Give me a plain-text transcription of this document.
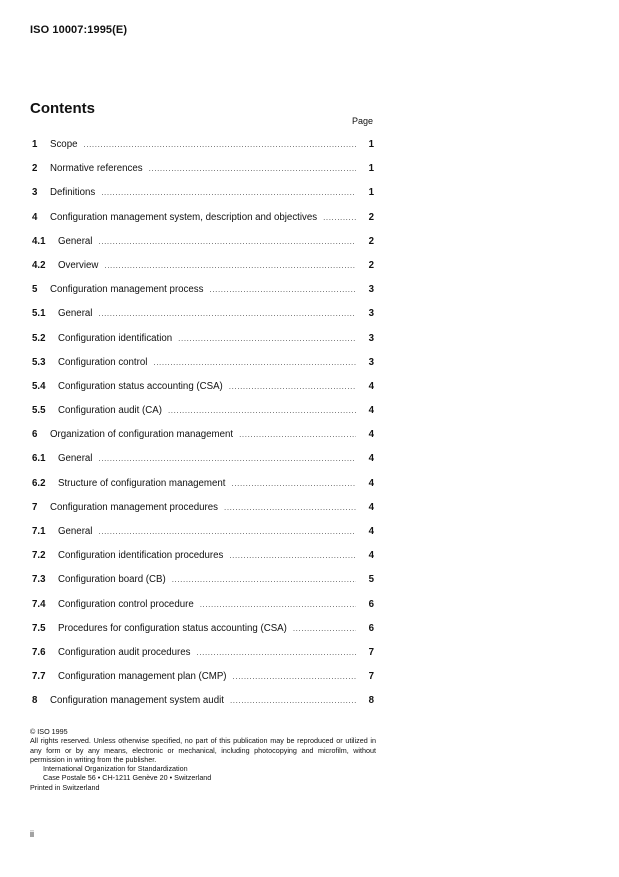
ISO 10007:1995(E)
Contents
Page
1	Scope .....	1
2	Normative references .....	1
3	Definitions .....	1
4	Configuration management system, description and objectives .....	2
4.1	General .....	2
4.2	Overview .....	2
5	Configuration management process .....	3
5.1	General .....	3
5.2	Configuration identification .....	3
5.3	Configuration control .....	3
5.4	Configuration status accounting (CSA) .....	4
5.5	Configuration audit (CA) .....	4
6	Organization of configuration management .....	4
6.1	General .....	4
6.2	Structure of configuration management .....	4
7	Configuration management procedures .....	4
7.1	General .....	4
7.2	Configuration identification procedures .....	4
7.3	Configuration board (CB) .....	5
7.4	Configuration control procedure .....	6
7.5	Procedures for configuration status accounting (CSA) .....	6
7.6	Configuration audit procedures .....	7
7.7	Configuration management plan (CMP) .....	7
8	Configuration management system audit .....	8
© ISO 1995
All rights reserved. Unless otherwise specified, no part of this publication may be reproduced or utilized in any form or by any means, electronic or mechanical, including photocopying and microfilm, without permission in writing from the publisher.
International Organization for Standardization
Case Postale 56 • CH-1211 Genève 20 • Switzerland
Printed in Switzerland
ii
